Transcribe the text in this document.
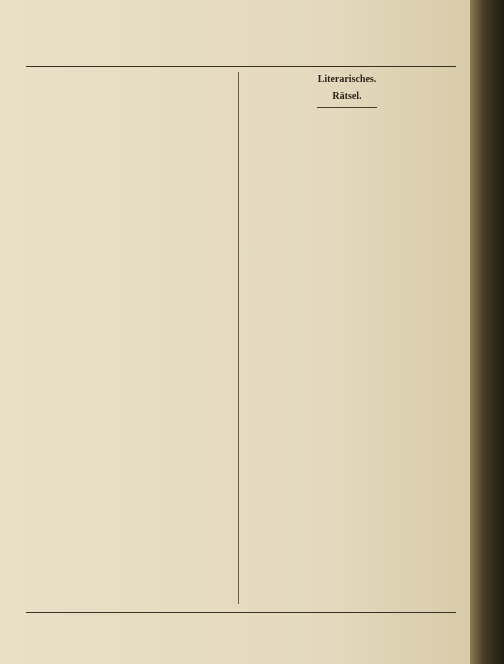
Literarisches.

Rätsel.
